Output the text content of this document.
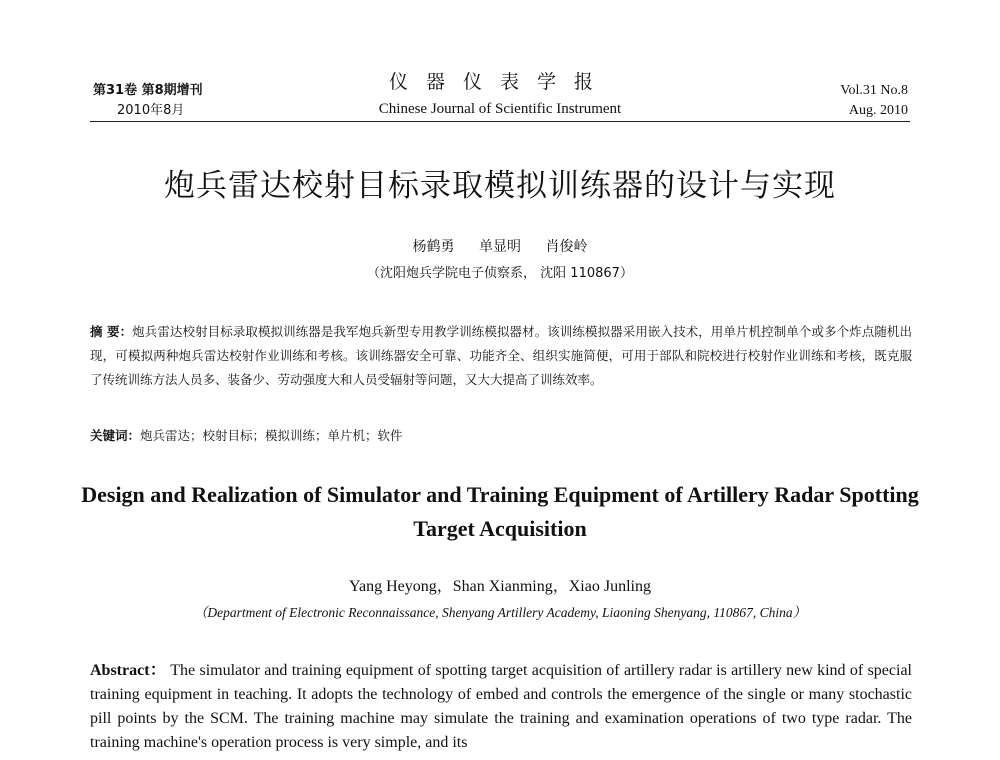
第31卷 第8期增刊
2010年8月
仪器仪表学报
Chinese Journal of Scientific Instrument
Vol.31 No.8
Aug. 2010
炮兵雷达校射目标录取模拟训练器的设计与实现
杨鹤勇 单显明 肖俊岭
（沈阳炮兵学院电子侦察系， 沈阳 110867）
摘 要：炮兵雷达校射目标录取模拟训练器是我军炮兵新型专用教学训练模拟器材。该训练模拟器采用嵌入技术，用单片机控制单个或多个炸点随机出现，可模拟两种炮兵雷达校射作业训练和考核。该训练器安全可靠、功能齐全、组织实施简便，可用于部队和院校进行校射作业训练和考核，既克服了传统训练方法人员多、装备少、劳动强度大和人员受辐射等问题，又大大提高了训练效率。
关键词：炮兵雷达；校射目标；模拟训练；单片机；软件
Design and Realization of Simulator and Training Equipment of Artillery Radar Spotting Target Acquisition
Yang Heyong，Shan Xianming，Xiao Junling
（Department of Electronic Reconnaissance, Shenyang Artillery Academy, Liaoning Shenyang, 110867, China）
Abstract： The simulator and training equipment of spotting target acquisition of artillery radar is artillery new kind of special training equipment in teaching. It adopts the technology of embed and controls the emergence of the single or many stochastic pill points by the SCM. The training machine may simulate the training and examination operations of two type radar. The training machine's operation process is very simple, and its
